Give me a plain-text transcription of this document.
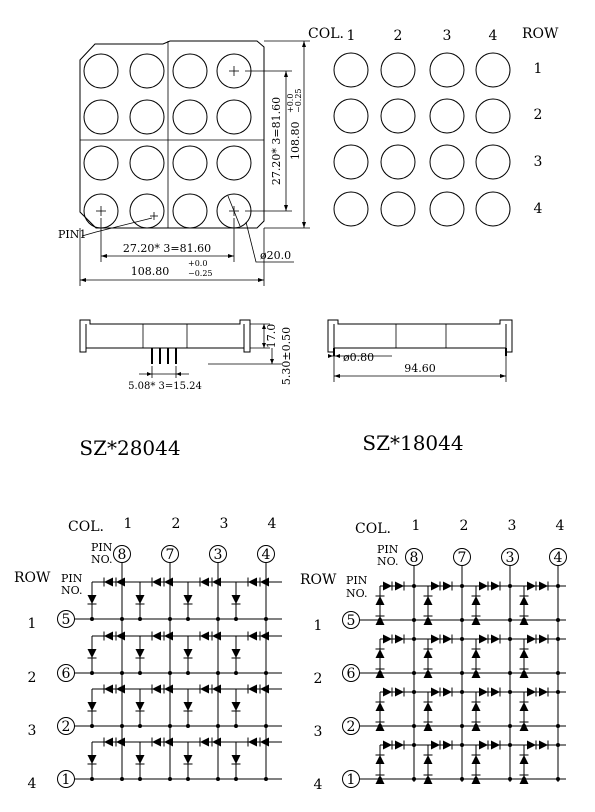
PIN1
27.20* 3=81.60
108.80
+0.0
−0.25
ø20.0
27.20* 3=81.60 108.80
+0.0 −0.25
COL.	ROW
1	2	3	4
1
2
3
4
17.0 5.30±0.50
5.08* 3=15.24
ø0.80
94.60
SZ*28044	SZ*18044
COL.
ROW
PIN
NO.
PIN
NO.
1	2	3	4
8	7	3	4
1 5
2 6
3 2
4 1
COL.
ROW
PIN
NO.
PIN
NO.
1	2	3	4
8	7	3	4
1 5
2 6
3 2
4 1
